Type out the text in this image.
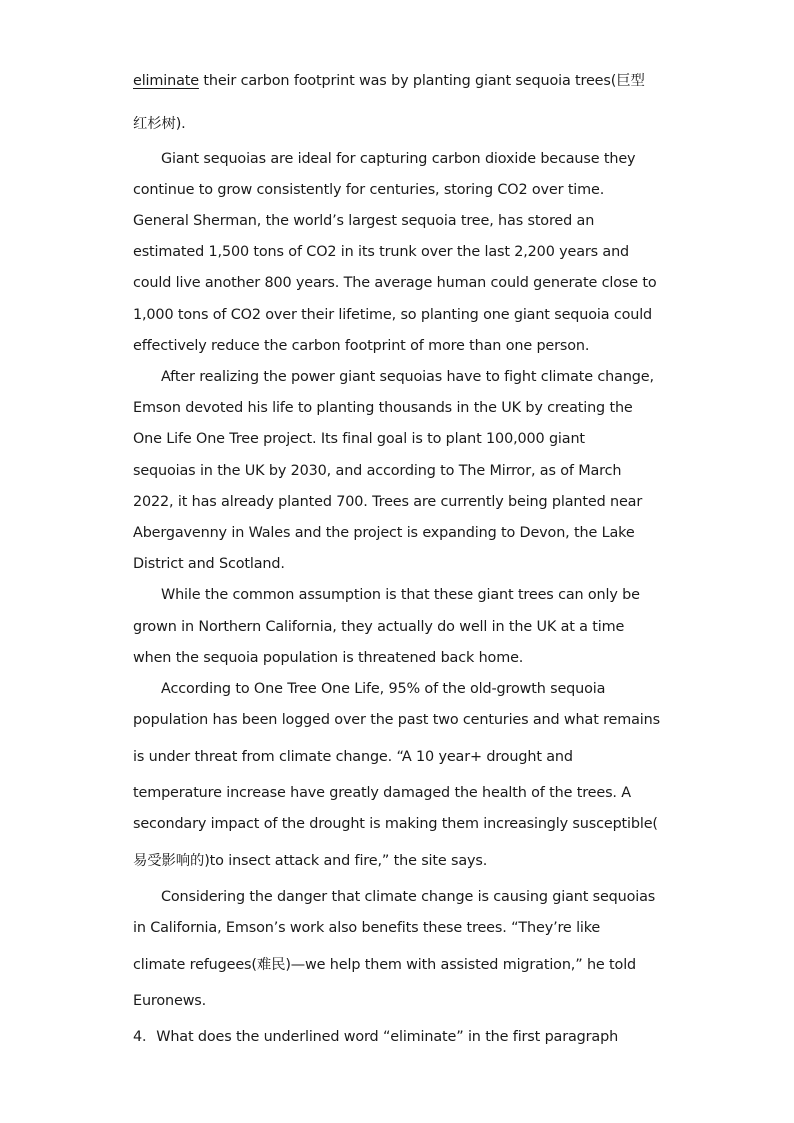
eliminate their carbon footprint was by planting giant sequoia trees(巨型
红杉树).
Giant sequoias are ideal for capturing carbon dioxide because they
continue to grow consistently for centuries, storing CO2 over time.
General Sherman, the world’s largest sequoia tree, has stored an
estimated 1,500 tons of CO2 in its trunk over the last 2,200 years and
could live another 800 years. The average human could generate close to
1,000 tons of CO2 over their lifetime, so planting one giant sequoia could
effectively reduce the carbon footprint of more than one person.
After realizing the power giant sequoias have to fight climate change,
Emson devoted his life to planting thousands in the UK by creating the
One Life One Tree project. Its final goal is to plant 100,000 giant
sequoias in the UK by 2030, and according to The Mirror, as of March
2022, it has already planted 700. Trees are currently being planted near
Abergavenny in Wales and the project is expanding to Devon, the Lake
District and Scotland.
While the common assumption is that these giant trees can only be
grown in Northern California, they actually do well in the UK at a time
when the sequoia population is threatened back home.
According to One Tree One Life, 95% of the old-growth sequoia
population has been logged over the past two centuries and what remains
is under threat from climate change. “A 10 year+ drought and
temperature increase have greatly damaged the health of the trees. A
secondary impact of the drought is making them increasingly susceptible(
易受影响的)to insect attack and fire,” the site says.
Considering the danger that climate change is causing giant sequoias
in California, Emson’s work also benefits these trees. “They’re like
climate refugees(难民)—we help them with assisted migration,” he told
Euronews.
4．What does the underlined word “eliminate” in the first paragraph
